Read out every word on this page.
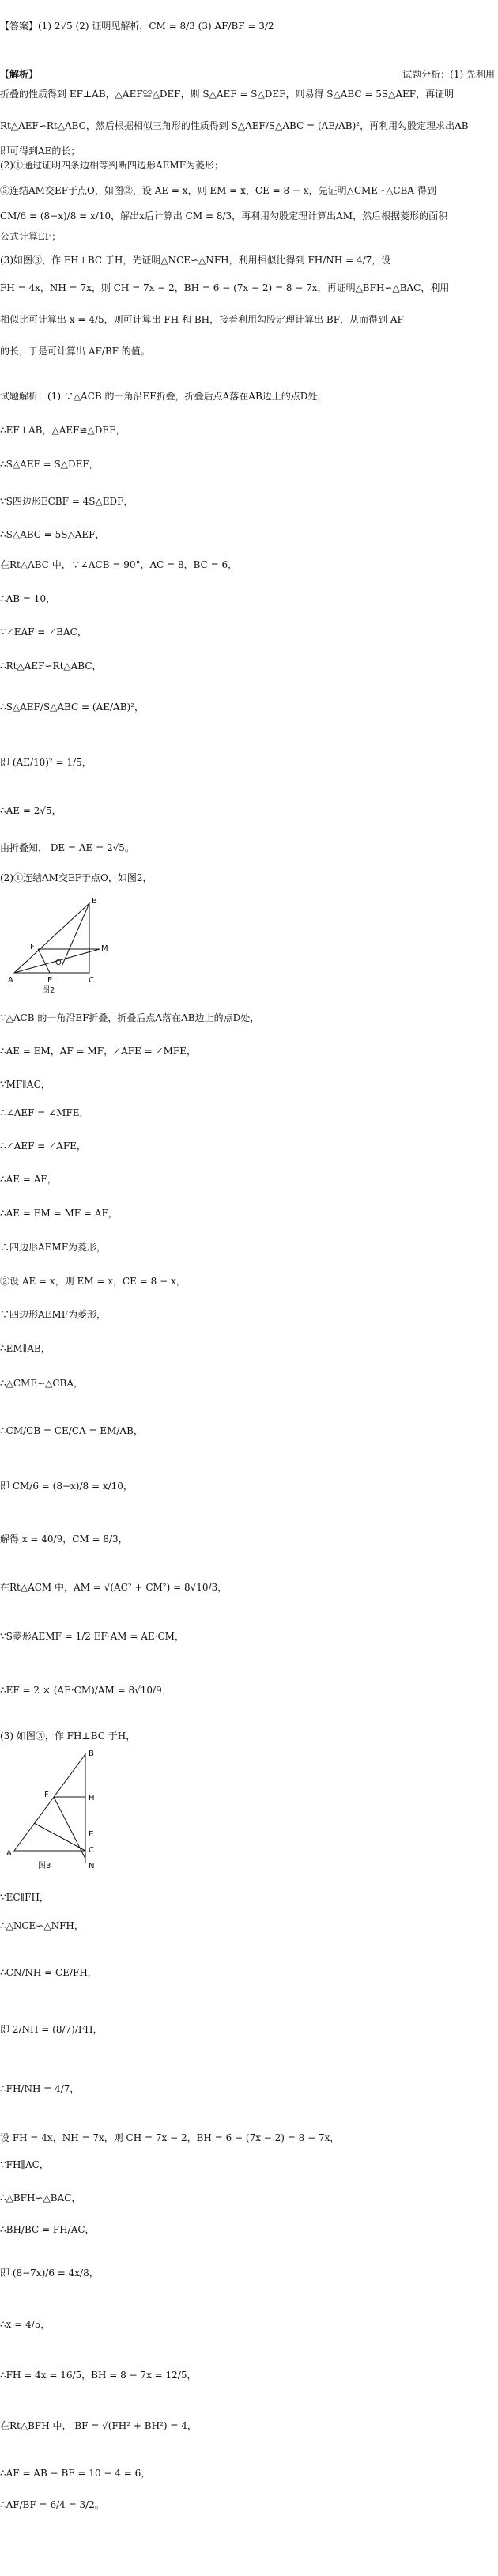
【答案】(1) 2√5 (2) 证明见解析，CM = 8/3 (3) AF/BF = 3/2
【解析】	试题分析：(1) 先利用
折叠的性质得到 EF⊥AB，△AEF≌△DEF，则 S△AEF = S△DEF，则易得 S△ABC = 5S△AEF，再证明
Rt△AEF∽Rt△ABC，然后根据相似三角形的性质得到 S△AEF/S△ABC = (AE/AB)²，再利用勾股定理求出AB
即可得到AE的长；
(2)①通过证明四条边相等判断四边形AEMF为菱形；
②连结AM交EF于点O，如图②，设 AE = x，则 EM = x，CE = 8 − x，先证明△CME∽△CBA 得到
CM/6 = (8−x)/8 = x/10，解出x后计算出 CM = 8/3，再利用勾股定理计算出AM，然后根据菱形的面积
公式计算EF；
(3)如图③，作 FH⊥BC 于H，先证明△NCE∽△NFH，利用相似比得到 FH/NH = 4/7，设
FH = 4x，NH = 7x，则 CH = 7x − 2，BH = 6 − (7x − 2) = 8 − 7x，再证明△BFH∽△BAC，利用
相似比可计算出 x = 4/5，则可计算出 FH 和 BH，接着利用勾股定理计算出 BF，从而得到 AF
的长，于是可计算出 AF/BF 的值。
试题解析：(1) ∵△ACB 的一角沿EF折叠，折叠后点A落在AB边上的点D处，
∴EF⊥AB，△AEF≌△DEF，
∴S△AEF = S△DEF，
∵S四边形ECBF = 4S△EDF，
∴S△ABC = 5S△AEF，
在Rt△ABC 中，∵∠ACB = 90°，AC = 8，BC = 6，
∴AB = 10，
∵∠EAF = ∠BAC，
∴Rt△AEF∽Rt△ABC，
∴S△AEF/S△ABC = (AE/AB)²，
即 (AE/10)² = 1/5，
∴AE = 2√5，
由折叠知， DE = AE = 2√5。
(2)①连结AM交EF于点O，如图2，
B
M
F
O
E	C
A
图2
∵△ACB 的一角沿EF折叠，折叠后点A落在AB边上的点D处，
∴AE = EM，AF = MF，∠AFE = ∠MFE，
∵MF∥AC，
∴∠AEF = ∠MFE，
∴∠AEF = ∠AFE，
∴AE = AF，
∴AE = EM = MF = AF，
∴四边形AEMF为菱形，
②设 AE = x，则 EM = x，CE = 8 − x，
∵四边形AEMF为菱形，
∴EM∥AB，
∴△CME∽△CBA，
∴CM/CB = CE/CA = EM/AB，
即 CM/6 = (8−x)/8 = x/10，
解得 x = 40/9，CM = 8/3，
在Rt△ACM 中，AM = √(AC² + CM²) = 8√10/3，
∵S菱形AEMF = 1/2 EF·AM = AE·CM，
∴EF = 2 × (AE·CM)/AM = 8√10/9；
(3) 如图③，作 FH⊥BC 于H，
B
F	H
C
E
N
A
图3
∵EC∥FH，
∴△NCE∽△NFH，
∴CN/NH = CE/FH，
即 2/NH = (8/7)/FH，
∴FH/NH = 4/7，
设 FH = 4x，NH = 7x，则 CH = 7x − 2，BH = 6 − (7x − 2) = 8 − 7x，
∵FH∥AC，
∴△BFH∽△BAC，
∴BH/BC = FH/AC，
即 (8−7x)/6 = 4x/8，
∴x = 4/5，
∴FH = 4x = 16/5，BH = 8 − 7x = 12/5，
在Rt△BFH 中， BF = √(FH² + BH²) = 4，
∴AF = AB − BF = 10 − 4 = 6，
∴AF/BF = 6/4 = 3/2。
